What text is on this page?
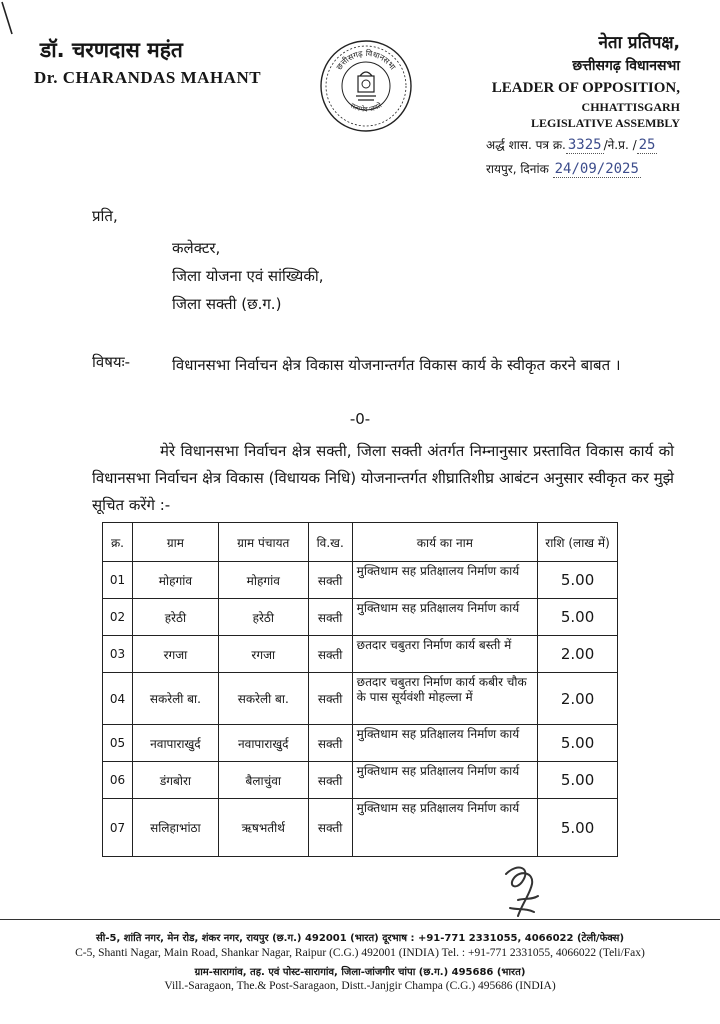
डॉ. चरणदास महंत
Dr. CHARANDAS MAHANT
छत्तीसगढ़ विधानसभा
सत्यमेव जयते
नेता प्रतिपक्ष,
छत्तीसगढ़ विधानसभा
LEADER OF OPPOSITION,
CHHATTISGARH
LEGISLATIVE ASSEMBLY
अर्द्ध शास. पत्र क्र. 3325 /ने.प्र. / 25
रायपुर, दिनांक 24/09/2025
प्रति,
कलेक्टर,
जिला योजना एवं सांख्यिकी,
जिला सक्ती (छ.ग.)
विषयः-	विधानसभा निर्वाचन क्षेत्र विकास योजनान्तर्गत विकास कार्य के स्वीकृत करने बाबत ।
-0-
मेरे विधानसभा निर्वाचन क्षेत्र सक्ती, जिला सक्ती अंतर्गत निम्नानुसार प्रस्तावित विकास कार्य को विधानसभा निर्वाचन क्षेत्र विकास (विधायक निधि) योजनान्तर्गत शीघ्रातिशीघ्र आबंटन अनुसार स्वीकृत कर मुझे सूचित करेंगे :-
क्र.	ग्राम	ग्राम पंचायत	वि.ख.	कार्य का नाम	राशि (लाख में)
01	मोहगांव	मोहगांव	सक्ती	मुक्तिधाम सह प्रतिक्षालय निर्माण कार्य	5.00
02	हरेठी	हरेठी	सक्ती	मुक्तिधाम सह प्रतिक्षालय निर्माण कार्य	5.00
03	रगजा	रगजा	सक्ती	छतदार चबुतरा निर्माण कार्य बस्ती में	2.00
04	सकरेली बा.	सकरेली बा.	सक्ती	छतदार चबुतरा निर्माण कार्य कबीर चौक के पास सूर्यवंशी मोहल्ला में	2.00
05	नवापाराखुर्द	नवापाराखुर्द	सक्ती	मुक्तिधाम सह प्रतिक्षालय निर्माण कार्य	5.00
06	डंगबोरा	बैलाचुंवा	सक्ती	मुक्तिधाम सह प्रतिक्षालय निर्माण कार्य	5.00
07	सलिहाभांठा	ऋषभतीर्थ	सक्ती	मुक्तिधाम सह प्रतिक्षालय निर्माण कार्य	5.00
सी-5, शांति नगर, मेन रोड, शंकर नगर, रायपुर (छ.ग.) 492001 (भारत) दूरभाष : +91-771 2331055, 4066022 (टेली/फेक्स)
C-5, Shanti Nagar, Main Road, Shankar Nagar, Raipur (C.G.) 492001 (INDIA) Tel. : +91-771 2331055, 4066022 (Teli/Fax)
ग्राम-सारागांव, तह. एवं पोस्ट-सारागांव, जिला-जांजगीर चांपा (छ.ग.) 495686 (भारत)
Vill.-Saragaon, The.& Post-Saragaon, Distt.-Janjgir Champa (C.G.) 495686 (INDIA)
